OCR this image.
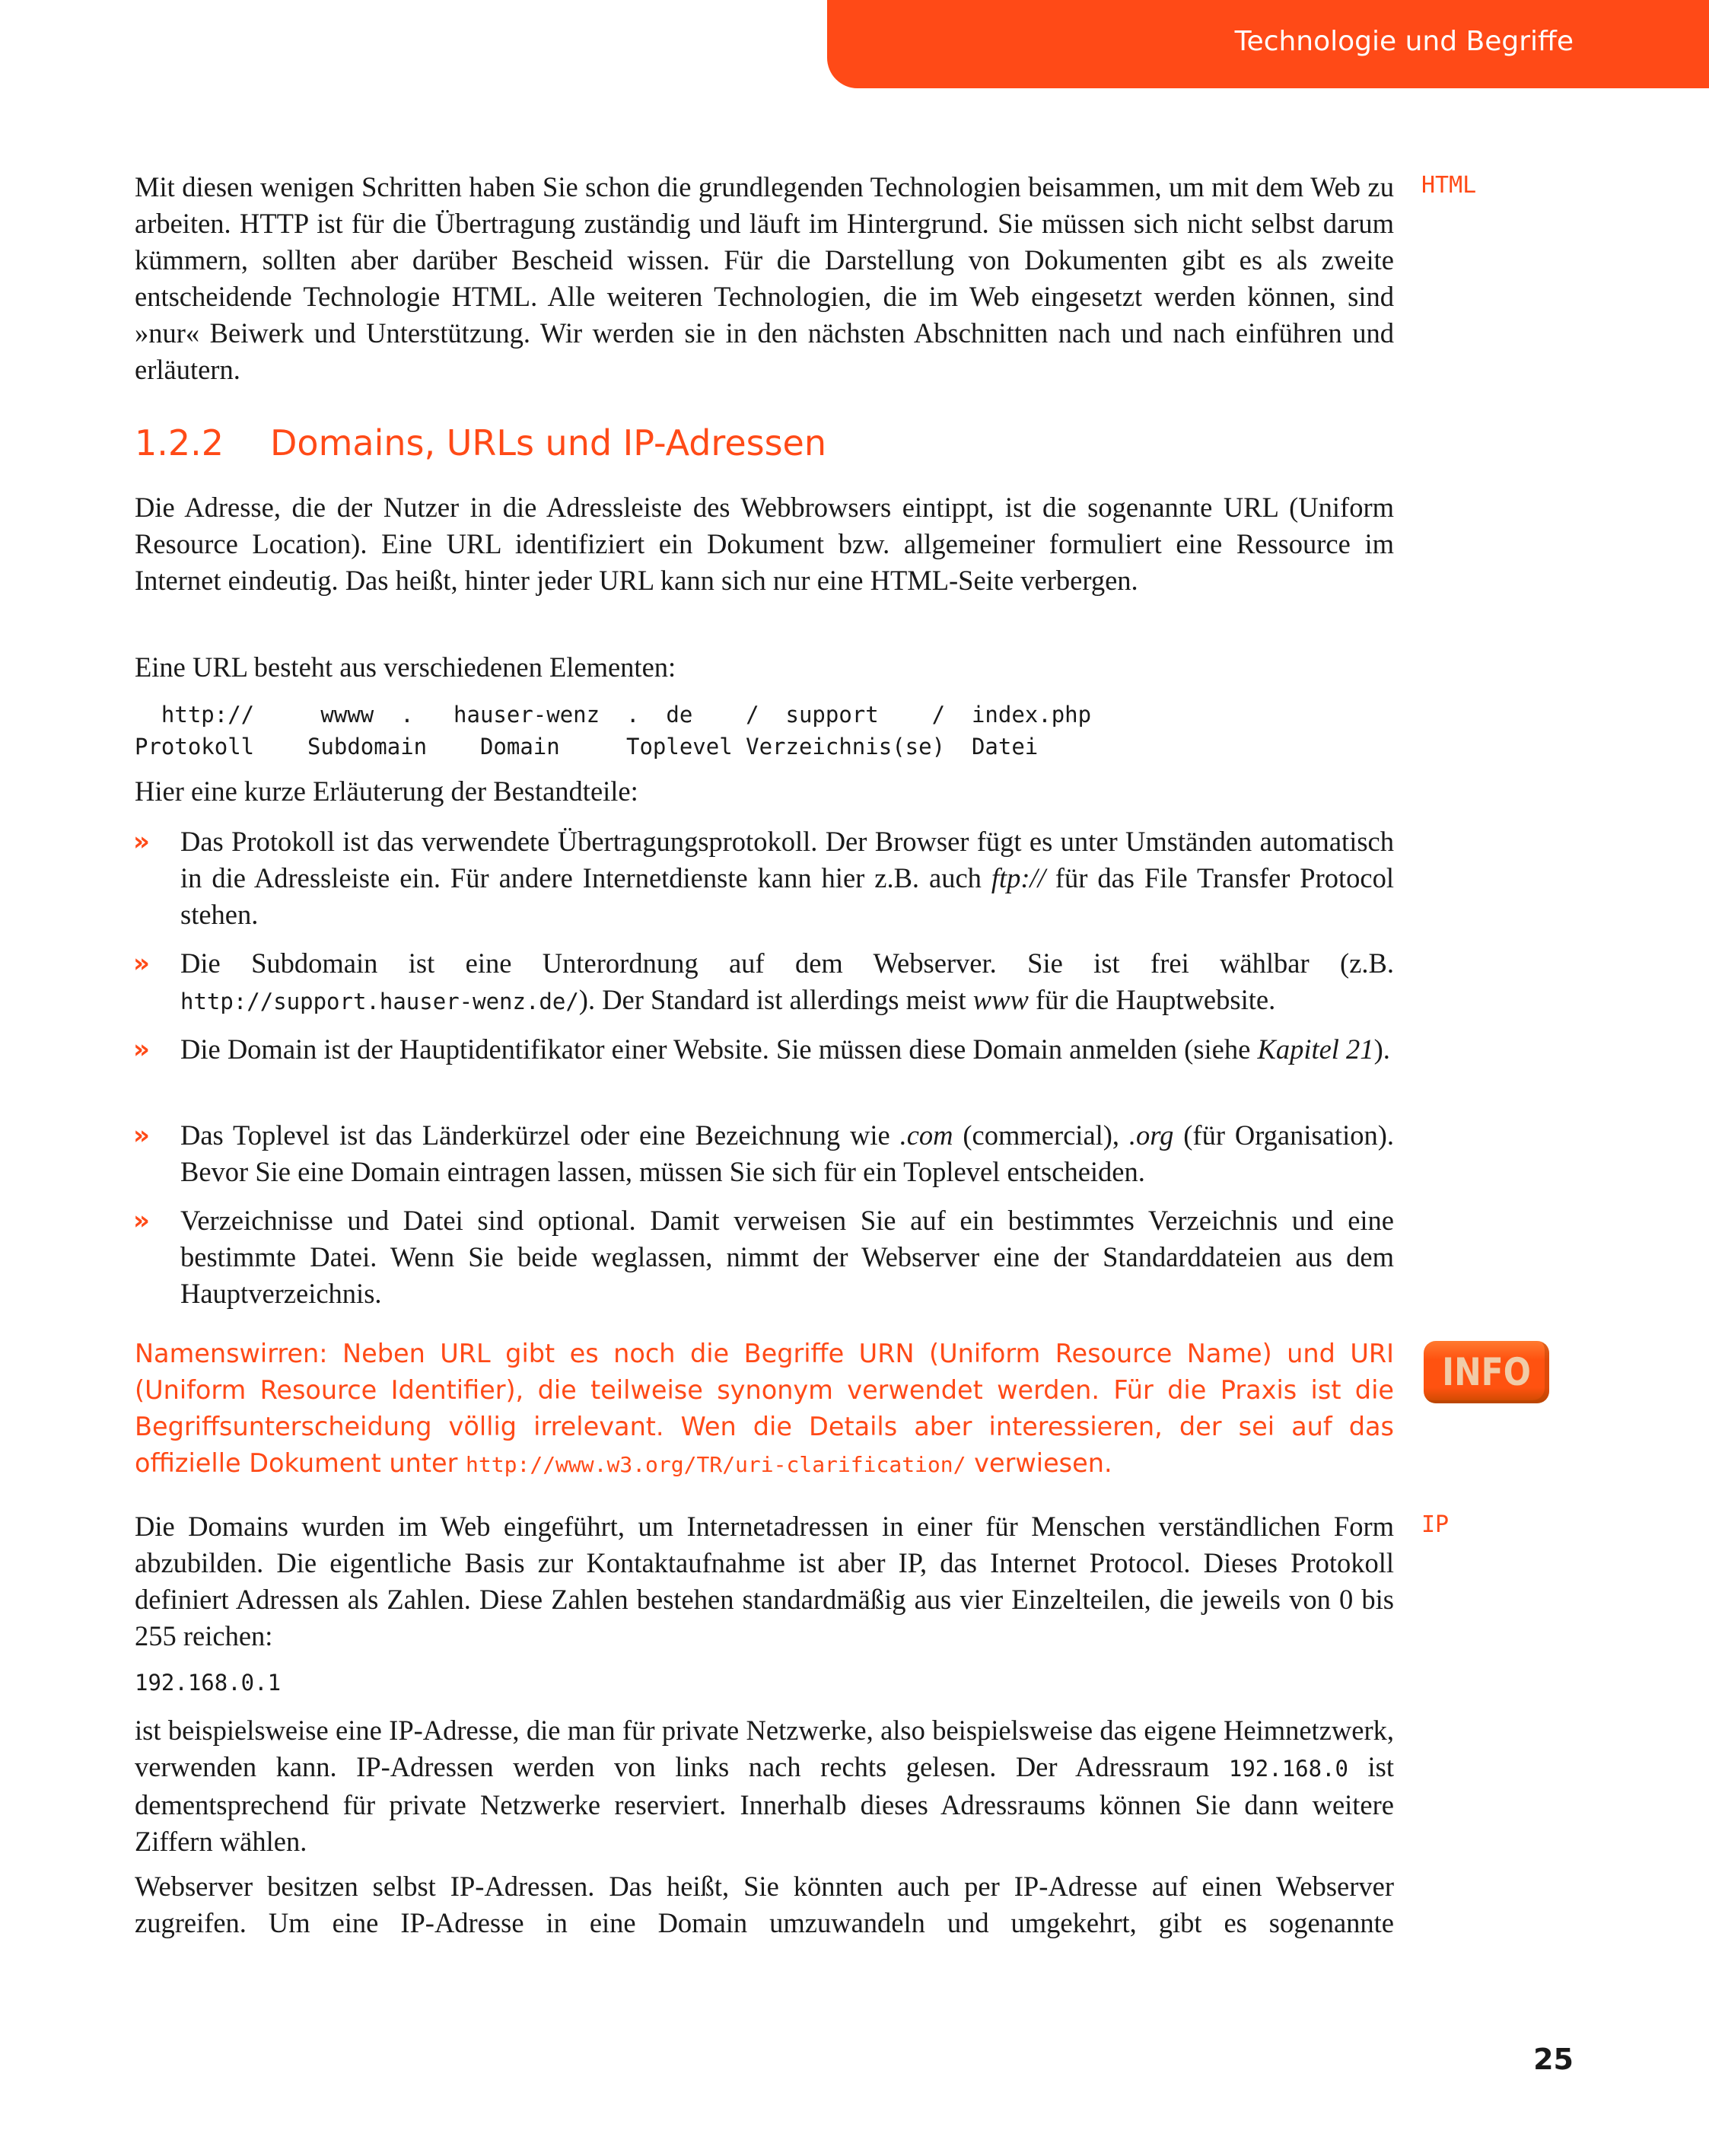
Technologie und Begriffe
Mit diesen wenigen Schritten haben Sie schon die grundlegenden Technologien beisammen, um mit dem Web zu arbeiten. HTTP ist für die Übertragung zuständig und läuft im Hintergrund. Sie müssen sich nicht selbst darum kümmern, sollten aber darüber Bescheid wissen. Für die Darstellung von Dokumenten gibt es als zweite entscheidende Technologie HTML. Alle weiteren Technologien, die im Web eingesetzt werden können, sind »nur« Beiwerk und Unterstützung. Wir werden sie in den nächsten Abschnitten nach und nach einführen und erläutern.
HTML
1.2.2 Domains, URLs und IP-Adressen
Die Adresse, die der Nutzer in die Adressleiste des Webbrowsers eintippt, ist die sogenannte URL (Uniform Resource Location). Eine URL identifiziert ein Dokument bzw. allgemeiner formuliert eine Ressource im Internet eindeutig. Das heißt, hinter jeder URL kann sich nur eine HTML-Seite verbergen.
Eine URL besteht aus verschiedenen Elementen:
http://     wwww  .   hauser-wenz  .  de    /  support    /  index.php
Protokoll    Subdomain    Domain     Toplevel Verzeichnis(se)  Datei
Hier eine kurze Erläuterung der Bestandteile:
» Das Protokoll ist das verwendete Übertragungsprotokoll. Der Browser fügt es unter Umständen automatisch in die Adressleiste ein. Für andere Internetdienste kann hier z.B. auch ftp:// für das File Transfer Protocol stehen.
» Die Subdomain ist eine Unterordnung auf dem Webserver. Sie ist frei wählbar (z.B. http://support.hauser-wenz.de/). Der Standard ist allerdings meist www für die Hauptwebsite.
» Die Domain ist der Hauptidentifikator einer Website. Sie müssen diese Domain anmelden (siehe Kapitel 21).
» Das Toplevel ist das Länderkürzel oder eine Bezeichnung wie .com (commercial), .org (für Organisation). Bevor Sie eine Domain eintragen lassen, müssen Sie sich für ein Toplevel entscheiden.
» Verzeichnisse und Datei sind optional. Damit verweisen Sie auf ein bestimmtes Verzeichnis und eine bestimmte Datei. Wenn Sie beide weglassen, nimmt der Webserver eine der Standarddateien aus dem Hauptverzeichnis.
Namenswirren: Neben URL gibt es noch die Begriffe URN (Uniform Resource Name) und URI (Uniform Resource Identifier), die teilweise synonym verwendet werden. Für die Praxis ist die Begriffsunterscheidung völlig irrelevant. Wen die Details aber interessieren, der sei auf das offizielle Dokument unter http://www.w3.org/TR/uri-clarification/ verwiesen.
INFO
Die Domains wurden im Web eingeführt, um Internetadressen in einer für Menschen verständlichen Form abzubilden. Die eigentliche Basis zur Kontaktaufnahme ist aber IP, das Internet Protocol. Dieses Protokoll definiert Adressen als Zahlen. Diese Zahlen bestehen standardmäßig aus vier Einzelteilen, die jeweils von 0 bis 255 reichen:
IP
192.168.0.1
ist beispielsweise eine IP-Adresse, die man für private Netzwerke, also beispielsweise das eigene Heimnetzwerk, verwenden kann. IP-Adressen werden von links nach rechts gelesen. Der Adressraum 192.168.0 ist dementsprechend für private Netzwerke reserviert. Innerhalb dieses Adressraums können Sie dann weitere Ziffern wählen.
Webserver besitzen selbst IP-Adressen. Das heißt, Sie könnten auch per IP-Adresse auf einen Webserver zugreifen. Um eine IP-Adresse in eine Domain umzuwandeln und umgekehrt, gibt es sogenannte
25
